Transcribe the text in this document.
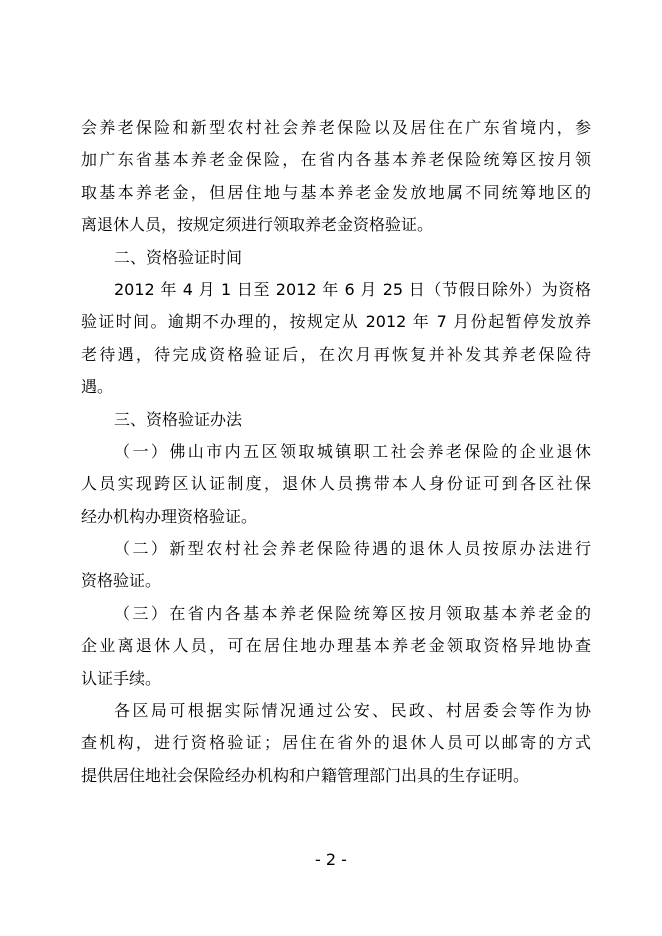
会养老保险和新型农村社会养老保险以及居住在广东省境内，参
加广东省基本养老金保险，在省内各基本养老保险统筹区按月领
取基本养老金，但居住地与基本养老金发放地属不同统筹地区的
离退休人员，按规定须进行领取养老金资格验证。
二、资格验证时间
2012 年 4 月 1 日至 2012 年 6 月 25 日（节假日除外）为资格
验证时间。逾期不办理的，按规定从 2012 年 7 月份起暂停发放养
老待遇，待完成资格验证后，在次月再恢复并补发其养老保险待
遇。
三、资格验证办法
（一）佛山市内五区领取城镇职工社会养老保险的企业退休
人员实现跨区认证制度，退休人员携带本人身份证可到各区社保
经办机构办理资格验证。
（二）新型农村社会养老保险待遇的退休人员按原办法进行
资格验证。
（三）在省内各基本养老保险统筹区按月领取基本养老金的
企业离退休人员，可在居住地办理基本养老金领取资格异地协查
认证手续。
各区局可根据实际情况通过公安、民政、村居委会等作为协
查机构，进行资格验证；居住在省外的退休人员可以邮寄的方式
提供居住地社会保险经办机构和户籍管理部门出具的生存证明。
- 2 -
